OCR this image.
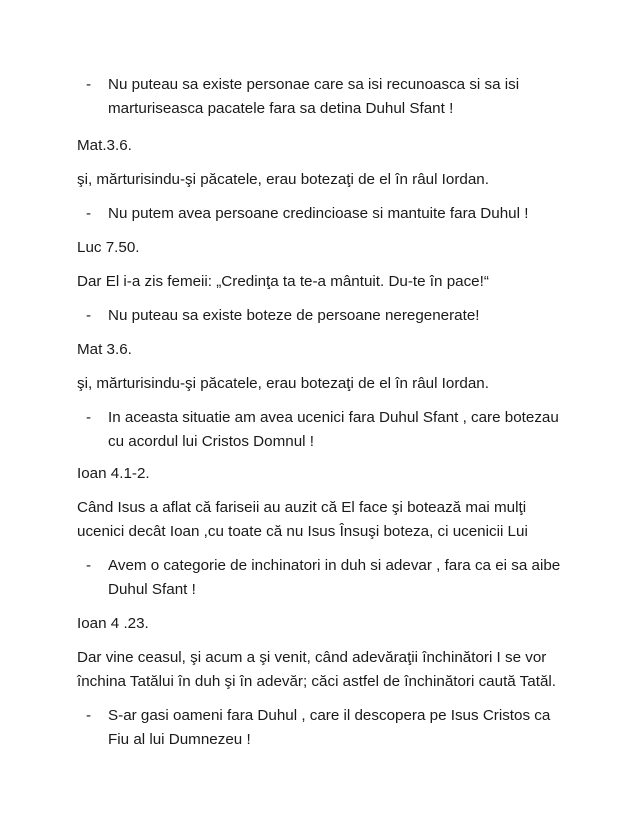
- Nu puteau sa existe personae care sa isi recunoasca si sa isi marturiseasca pacatele fara sa detina Duhul Sfant !

Mat.3.6.

şi, mărturisindu-şi păcatele, erau botezaţi de el în râul Iordan.

- Nu putem avea persoane credincioase si mantuite fara Duhul !

Luc 7.50.

Dar El i-a zis femeii: „Credinţa ta te-a mântuit. Du-te în pace!“

- Nu puteau sa existe boteze de persoane neregenerate!

Mat 3.6.

şi, mărturisindu-şi păcatele, erau botezaţi de el în râul Iordan.

- In aceasta situatie am avea ucenici fara Duhul Sfant , care botezau cu acordul lui Cristos Domnul !

Ioan 4.1-2.

Când Isus a aflat că fariseii au auzit că El face şi botează mai mulţi ucenici decât Ioan ,cu toate că nu Isus Însuşi boteza, ci ucenicii Lui

- Avem o categorie de inchinatori in duh si adevar , fara ca ei sa aibe Duhul Sfant !

Ioan 4 .23.

Dar vine ceasul, şi acum a şi venit, când adevăraţii închinători I se vor închina Tatălui în duh şi în adevăr; căci astfel de închinători caută Tatăl.

- S-ar gasi oameni fara Duhul , care il descopera pe Isus Cristos ca Fiu al lui Dumnezeu !
